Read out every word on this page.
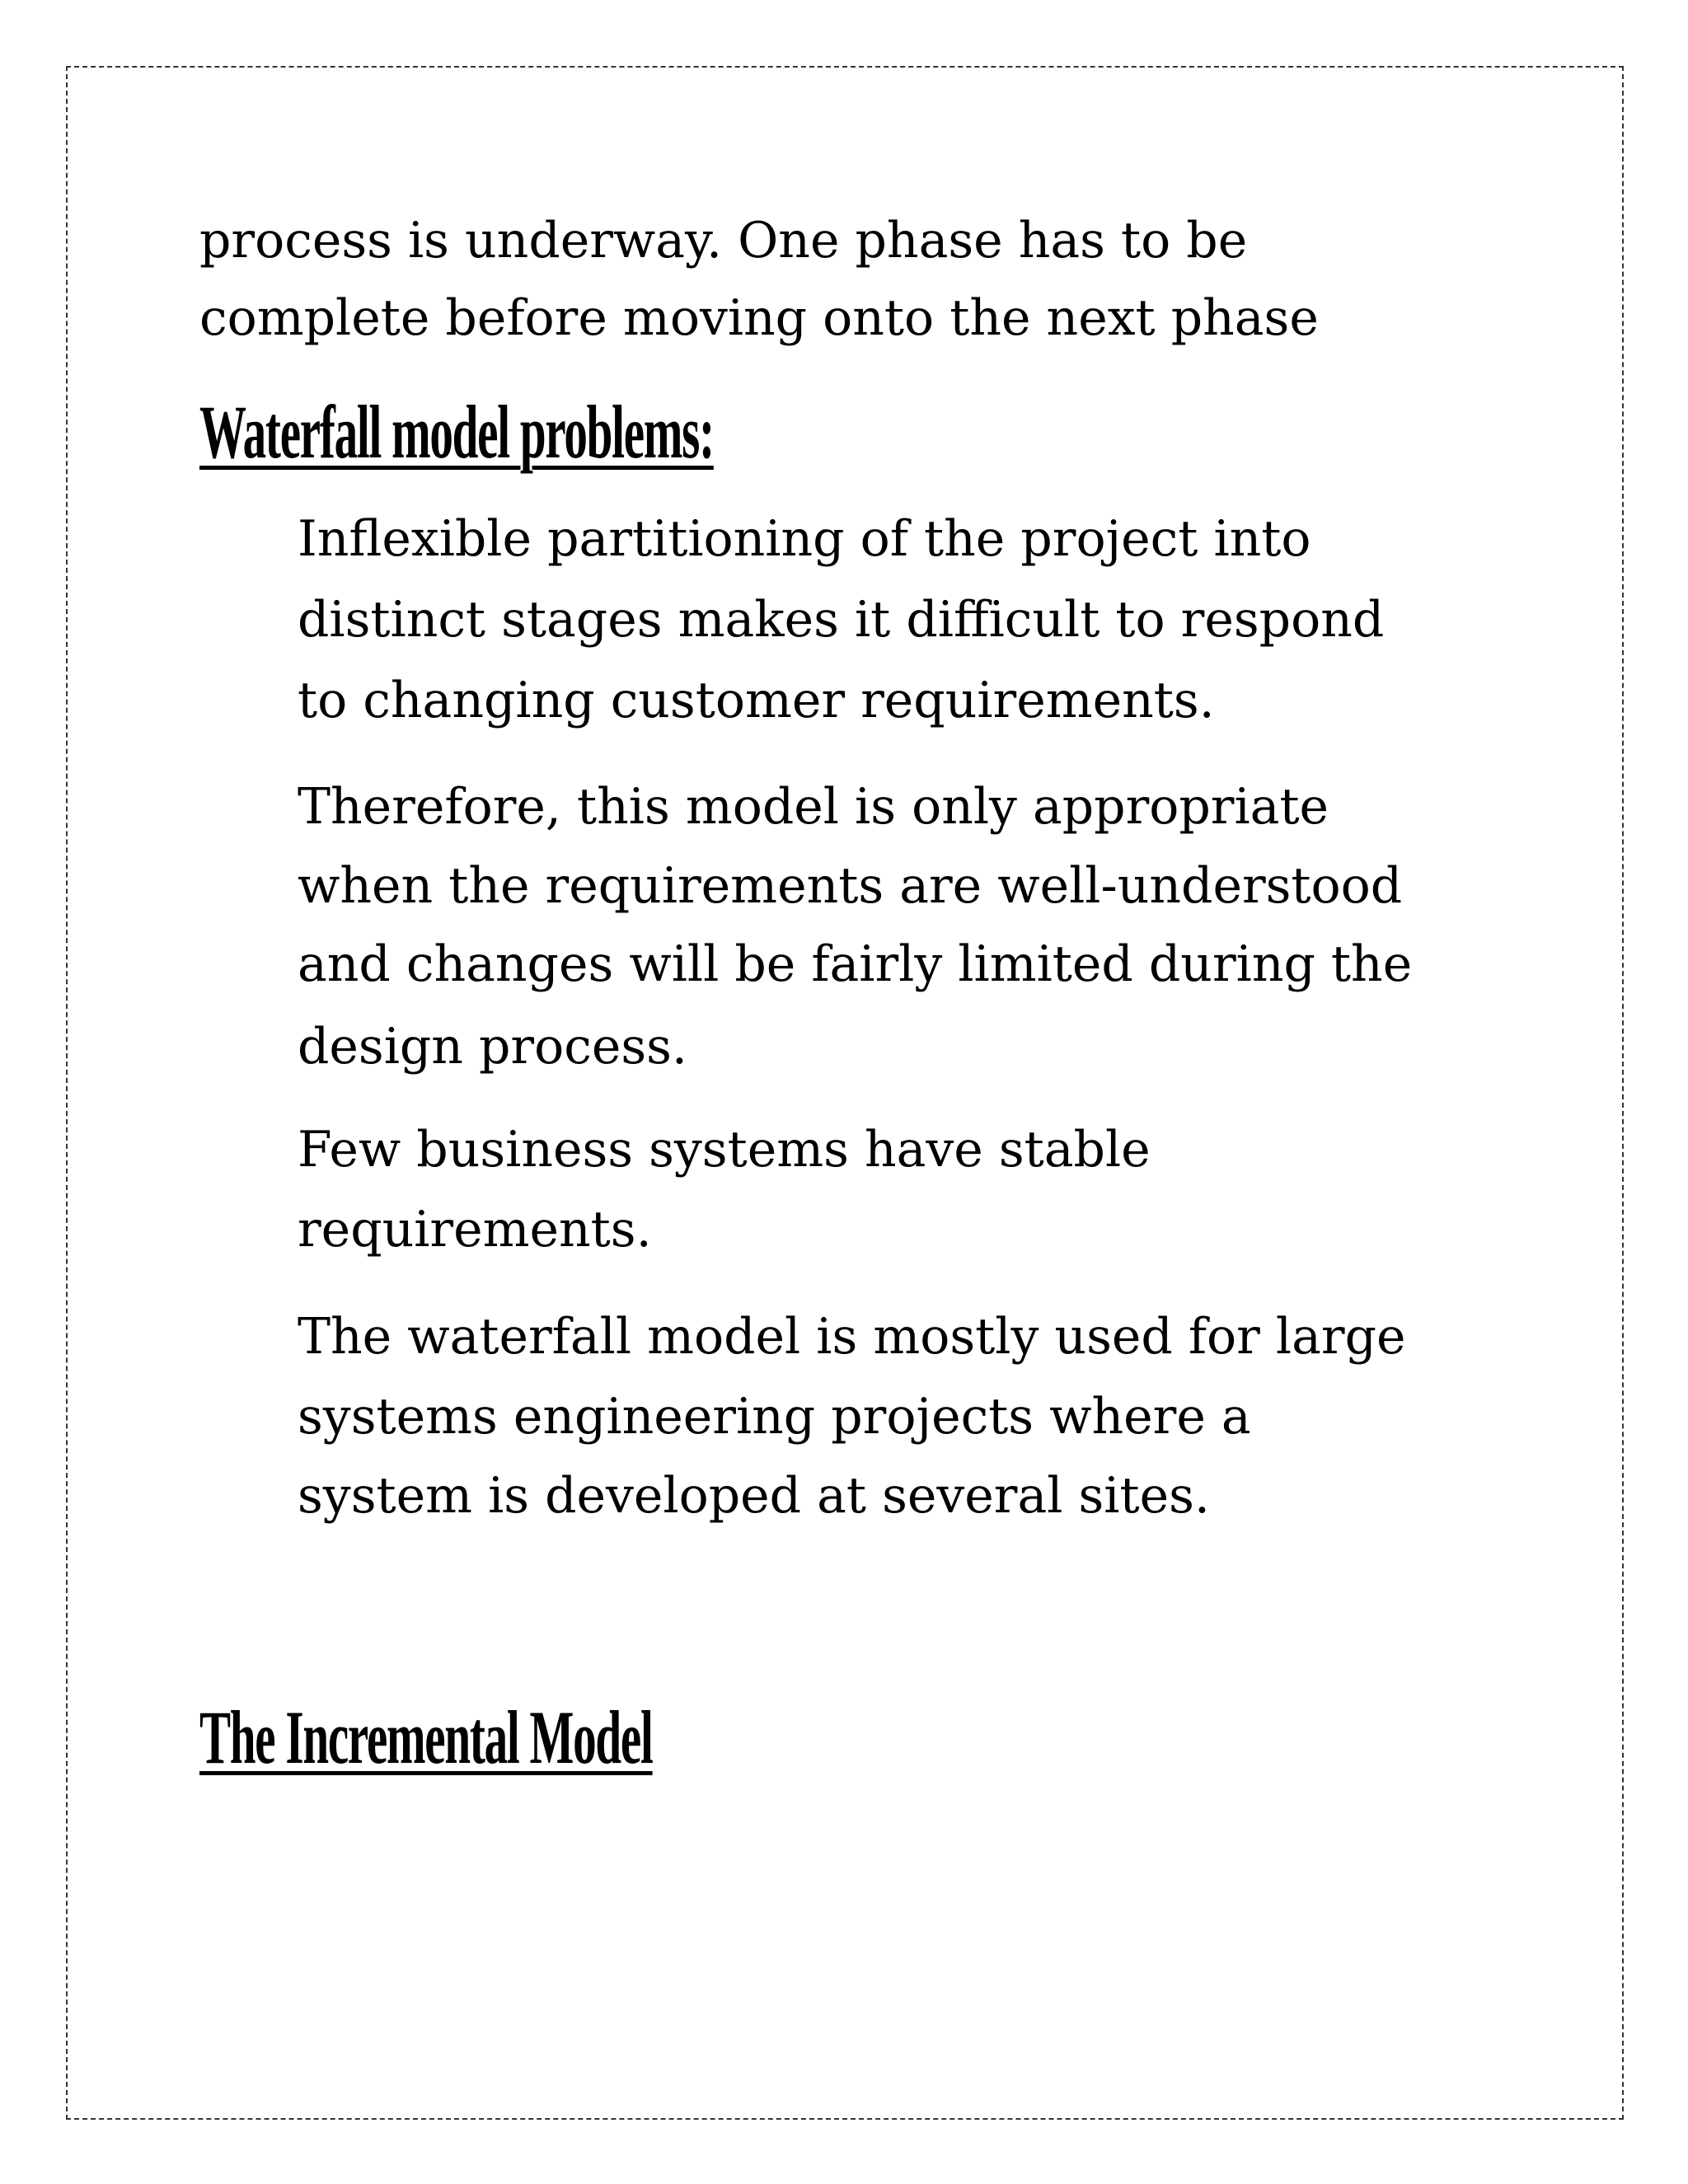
process is underway. One phase has to be
complete before moving onto the next phase
Waterfall model problems:
Inflexible partitioning of the project into
distinct stages makes it difficult to respond
to changing customer requirements.
Therefore, this model is only appropriate
when the requirements are well-understood
and changes will be fairly limited during the
design process.
Few business systems have stable
requirements.
The waterfall model is mostly used for large
systems engineering projects where a
system is developed at several sites.
The Incremental Model
